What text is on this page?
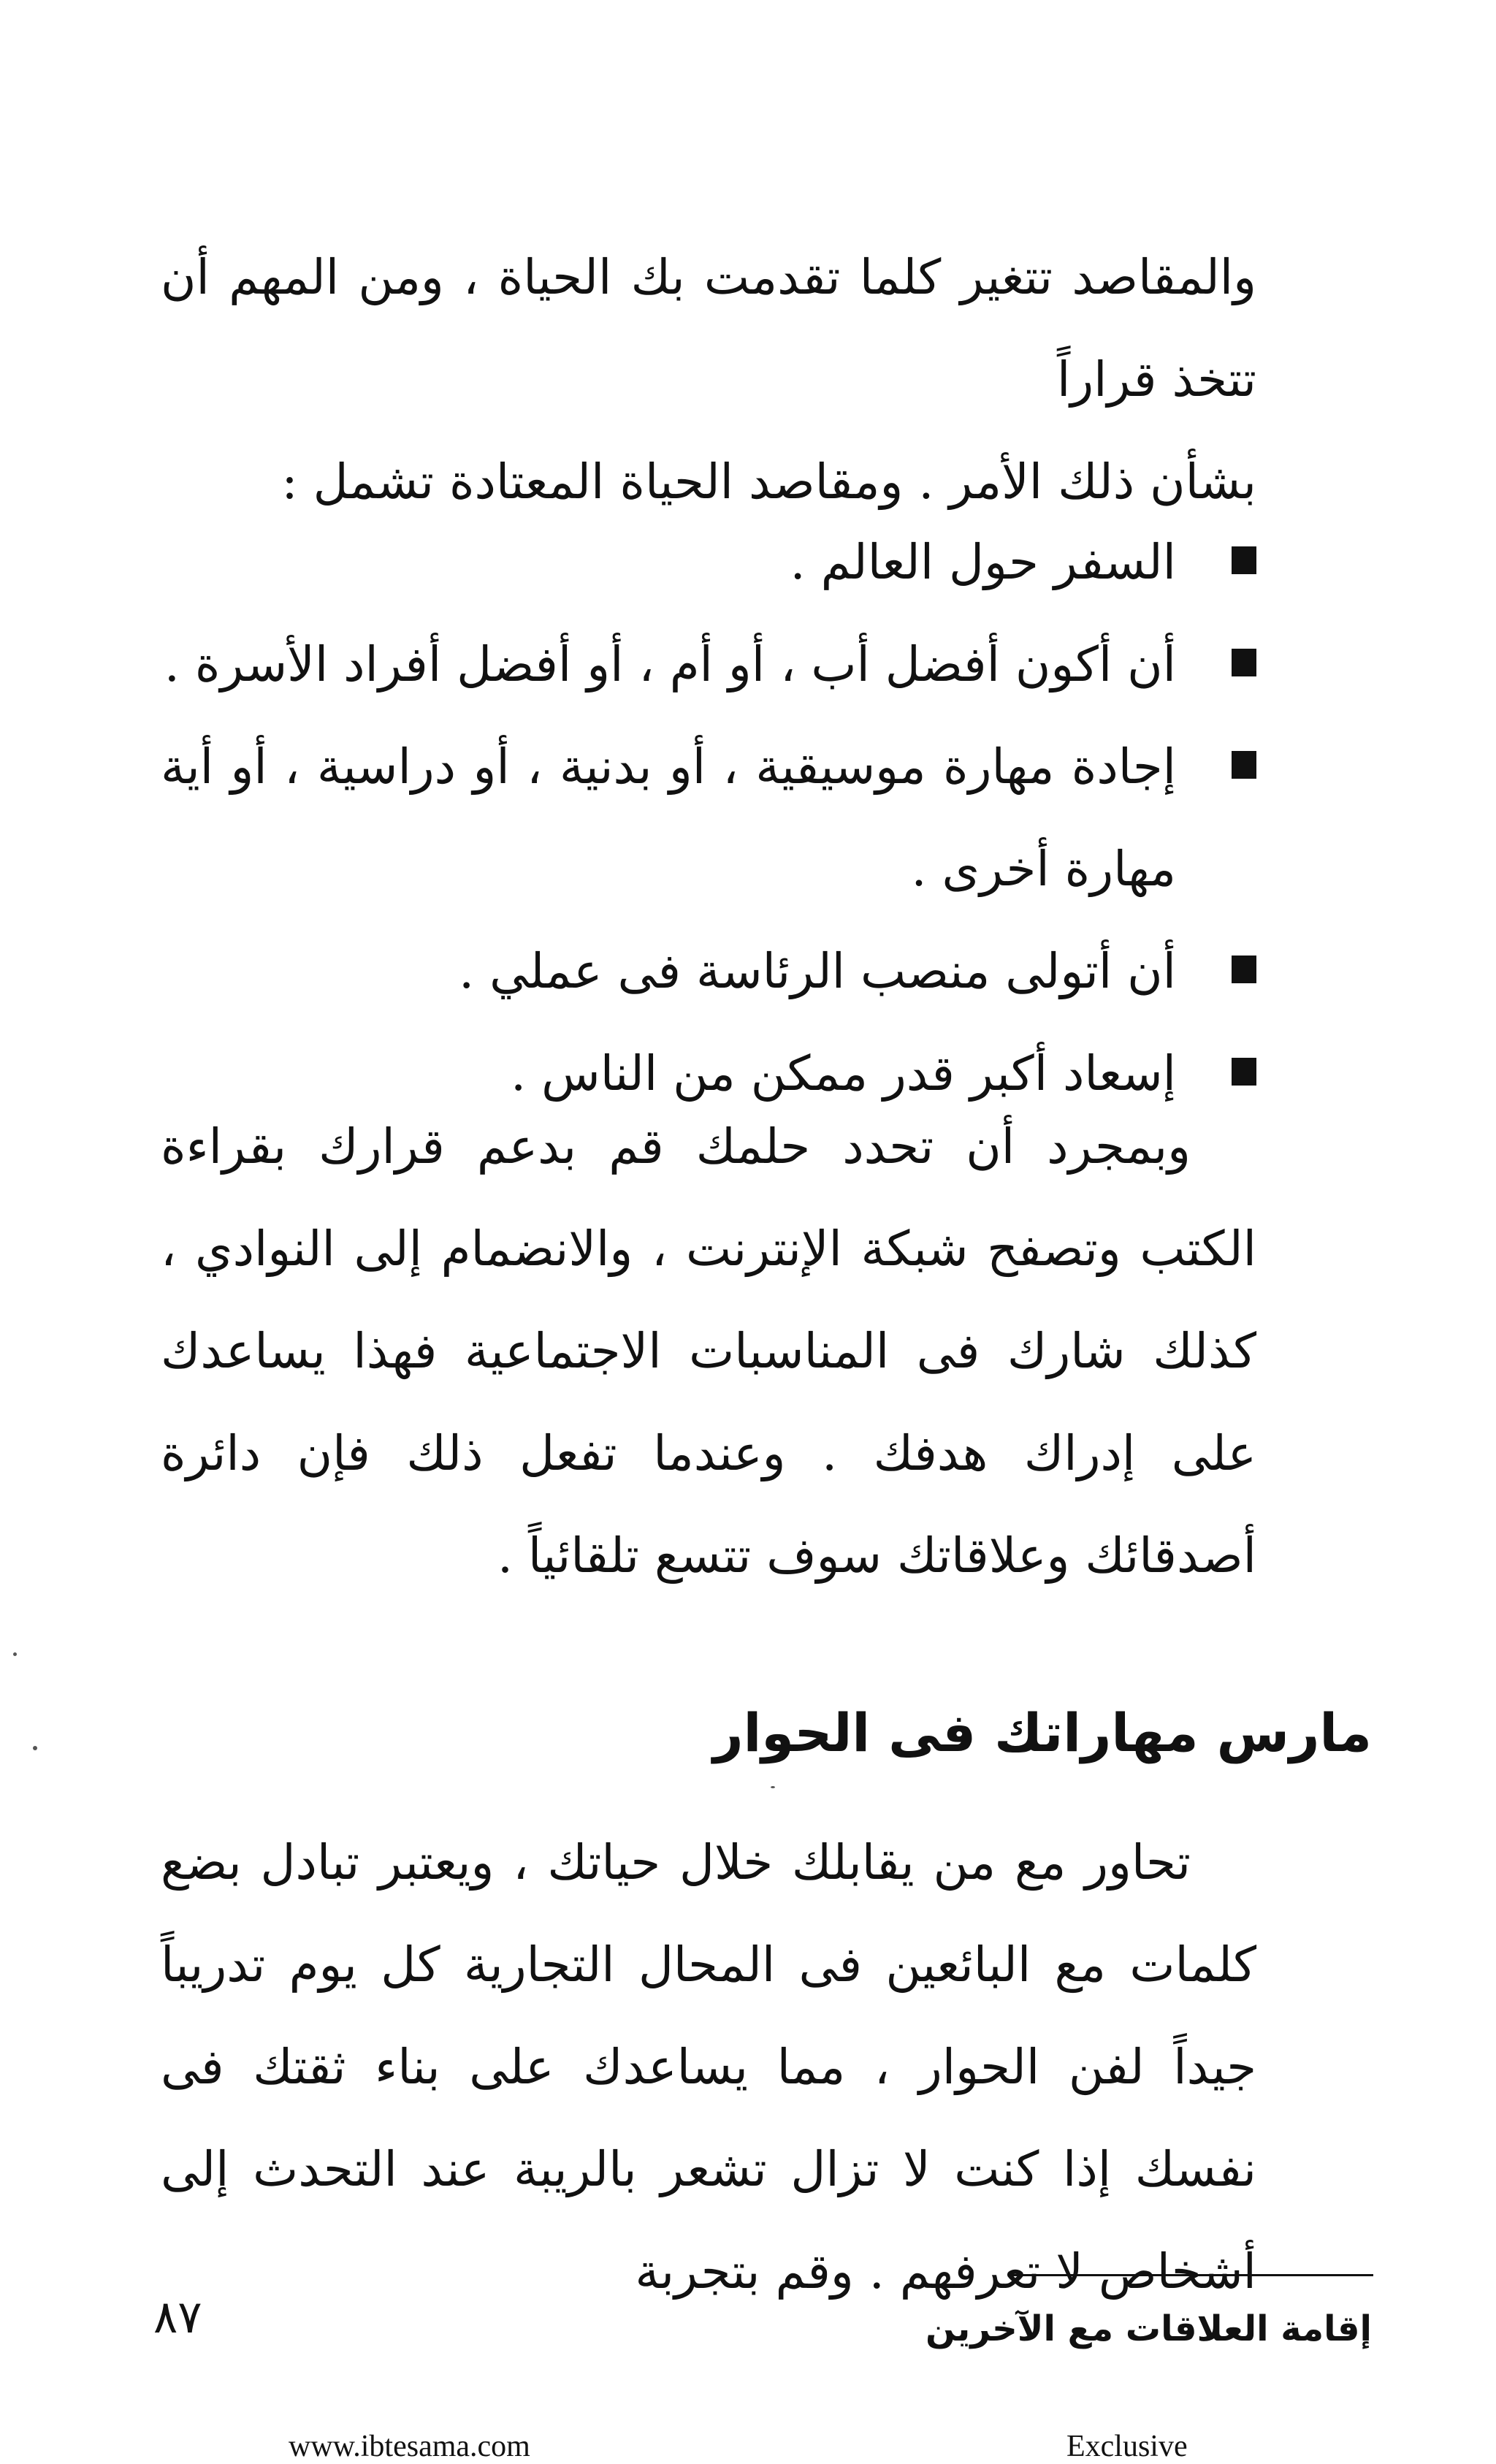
والمقاصد تتغير كلما تقدمت بك الحياة ، ومن المهم أن تتخذ قراراً

بشأن ذلك الأمر . ومقاصد الحياة المعتادة تشمل :

السفر حول العالم .
أن أكون أفضل أب ، أو أم ، أو أفضل أفراد الأسرة .
إجادة مهارة موسيقية ، أو بدنية ، أو دراسية ، أو أية مهارة أخرى .
أن أتولى منصب الرئاسة فى عملي .
إسعاد أكبر قدر ممكن من الناس .

وبمجرد أن تحدد حلمك قم بدعم قرارك بقراءة الكتب وتصفح شبكة الإنترنت ، والانضمام إلى النوادي ، كذلك شارك فى المناسبات الاجتماعية فهذا يساعدك على إدراك هدفك . وعندما تفعل ذلك فإن دائرة أصدقائك وعلاقاتك سوف تتسع تلقائياً .

مارس مهاراتك فى الحوار

تحاور مع من يقابلك خلال حياتك ، ويعتبر تبادل بضع كلمات مع البائعين فى المحال التجارية كل يوم تدريباً جيداً لفن الحوار ، مما يساعدك على بناء ثقتك فى نفسك إذا كنت لا تزال تشعر بالريبة عند التحدث إلى أشخاص لا تعرفهم . وقم بتجربة

٨٧	إقامة العلاقات مع الآخرين
www.ibtesama.com	Exclusive
